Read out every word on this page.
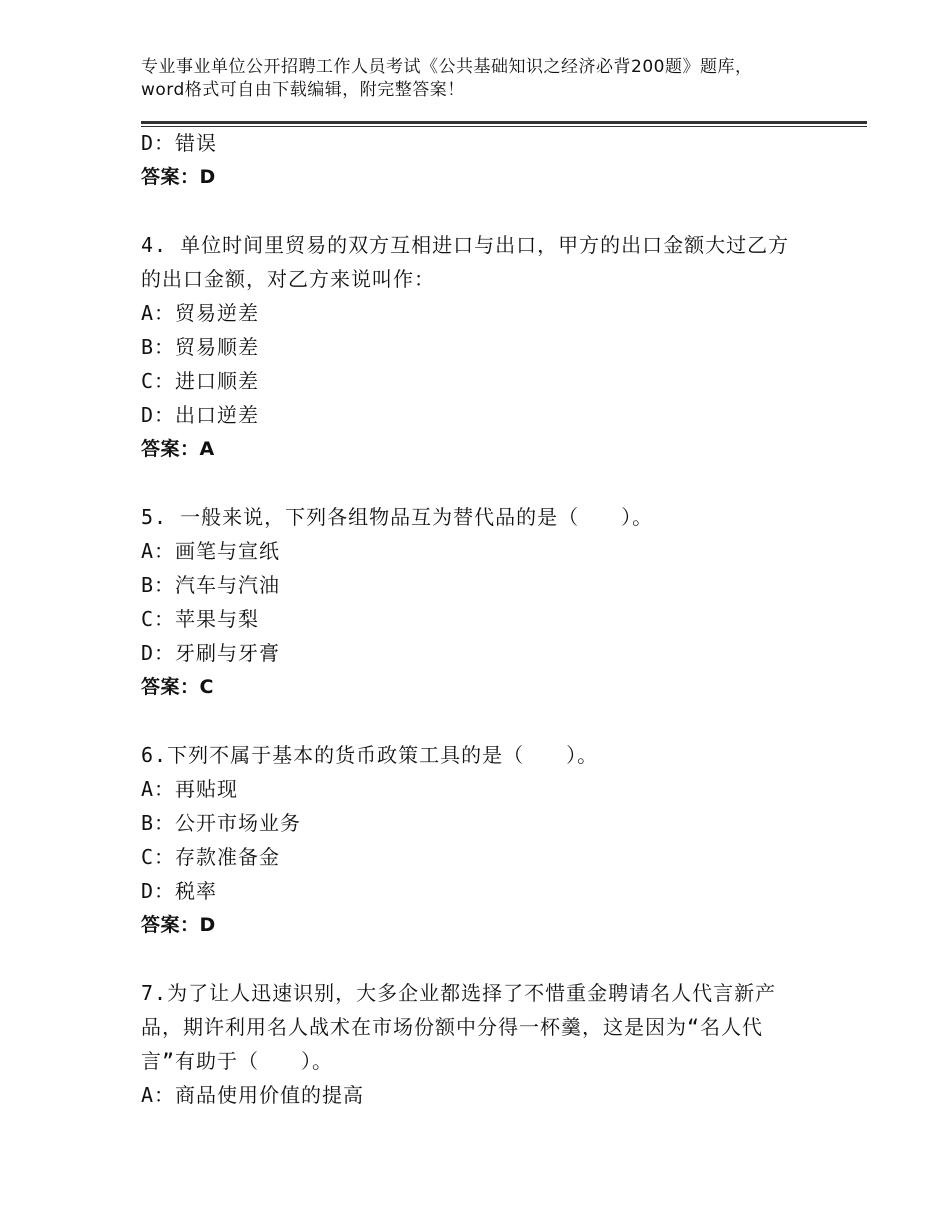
专业事业单位公开招聘工作人员考试《公共基础知识之经济必背200题》题库，word格式可自由下载编辑，附完整答案！
D：错误
答案：D
4. 单位时间里贸易的双方互相进口与出口，甲方的出口金额大过乙方的出口金额，对乙方来说叫作：
A：贸易逆差
B：贸易顺差
C：进口顺差
D：出口逆差
答案：A
5. 一般来说，下列各组物品互为替代品的是（　　）。
A：画笔与宣纸
B：汽车与汽油
C：苹果与梨
D：牙刷与牙膏
答案：C
6.下列不属于基本的货币政策工具的是（　　）。
A：再贴现
B：公开市场业务
C：存款准备金
D：税率
答案：D
7.为了让人迅速识别，大多企业都选择了不惜重金聘请名人代言新产品，期许利用名人战术在市场份额中分得一杯羹，这是因为“名人代言”有助于（　　）。
A：商品使用价值的提高
